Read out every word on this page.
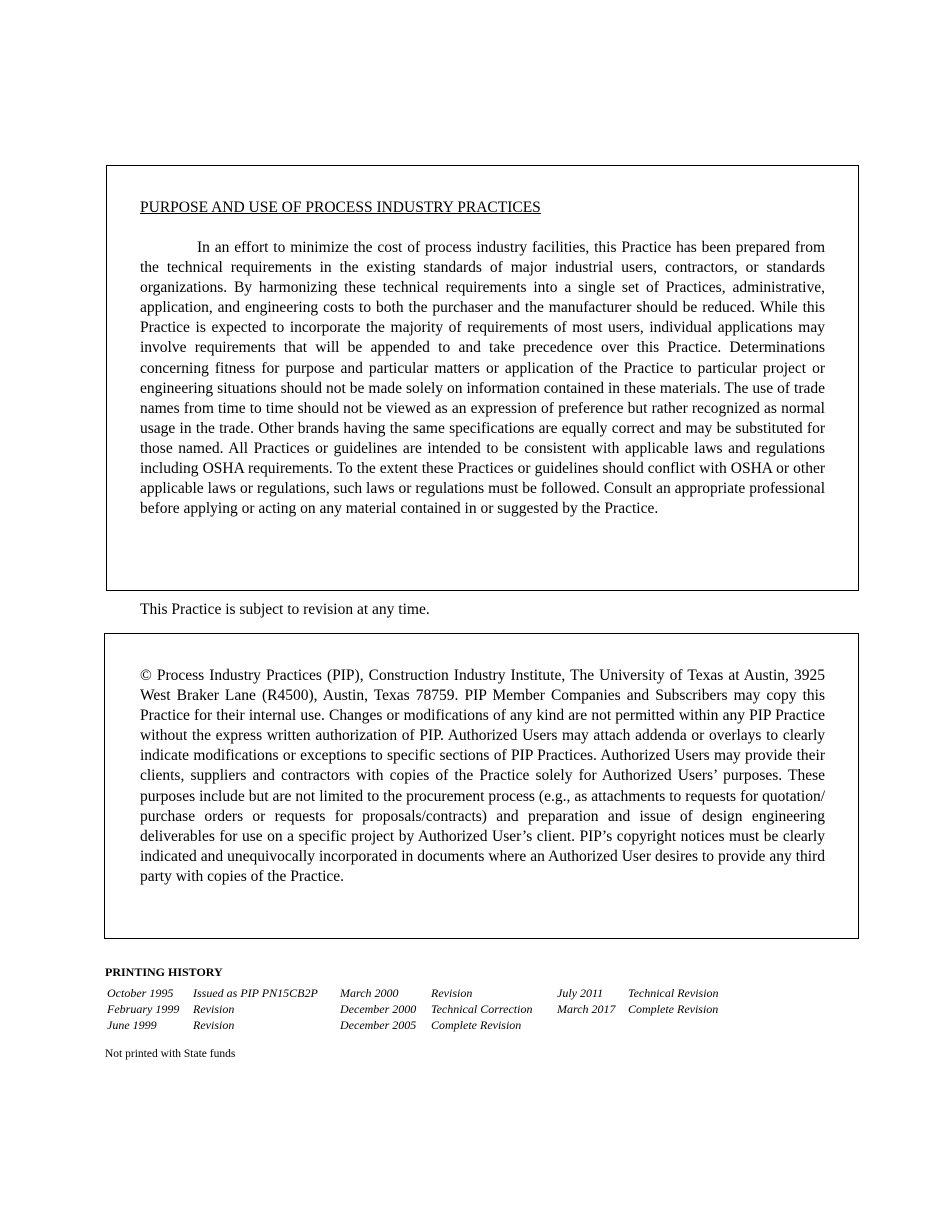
PURPOSE AND USE OF PROCESS INDUSTRY PRACTICES

In an effort to minimize the cost of process industry facilities, this Practice has been prepared from the technical requirements in the existing standards of major industrial users, contractors, or standards organizations. By harmonizing these technical requirements into a single set of Practices, administrative, application, and engineering costs to both the purchaser and the manufacturer should be reduced. While this Practice is expected to incorporate the majority of requirements of most users, individual applications may involve requirements that will be appended to and take precedence over this Practice. Determinations concerning fitness for purpose and particular matters or application of the Practice to particular project or engineering situations should not be made solely on information contained in these materials. The use of trade names from time to time should not be viewed as an expression of preference but rather recognized as normal usage in the trade. Other brands having the same specifications are equally correct and may be substituted for those named. All Practices or guidelines are intended to be consistent with applicable laws and regulations including OSHA requirements. To the extent these Practices or guidelines should conflict with OSHA or other applicable laws or regulations, such laws or regulations must be followed. Consult an appropriate professional before applying or acting on any material contained in or suggested by the Practice.

This Practice is subject to revision at any time.

© Process Industry Practices (PIP), Construction Industry Institute, The University of Texas at Austin, 3925 West Braker Lane (R4500), Austin, Texas 78759. PIP Member Companies and Subscribers may copy this Practice for their internal use. Changes or modifications of any kind are not permitted within any PIP Practice without the express written authorization of PIP. Authorized Users may attach addenda or overlays to clearly indicate modifications or exceptions to specific sections of PIP Practices. Authorized Users may provide their clients, suppliers and contractors with copies of the Practice solely for Authorized Users’ purposes. These purposes include but are not limited to the procurement process (e.g., as attachments to requests for quotation/ purchase orders or requests for proposals/contracts) and preparation and issue of design engineering deliverables for use on a specific project by Authorized User’s client. PIP’s copyright notices must be clearly indicated and unequivocally incorporated in documents where an Authorized User desires to provide any third party with copies of the Practice.

PRINTING HISTORY
October 1995 Issued as PIP PN15CB2P
February 1999 Revision
June 1999	Revision
March 2000	Revision
December 2000 Technical Correction
December 2005 Complete Revision
July 2011 Technical Revision
March 2017 Complete Revision

Not printed with State funds
